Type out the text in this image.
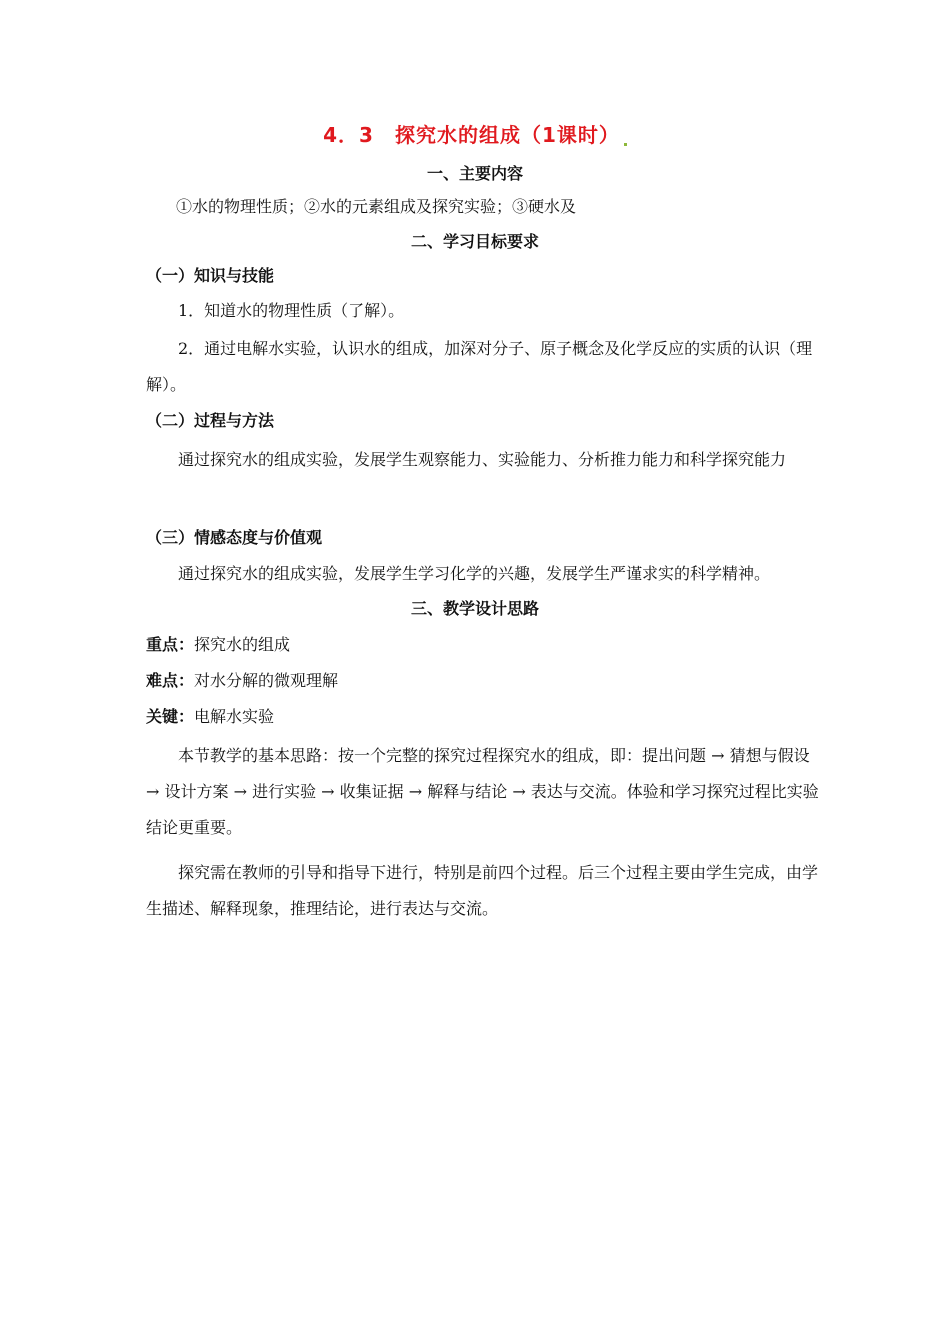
4．3　探究水的组成（1课时）
一、主要内容
①水的物理性质；②水的元素组成及探究实验；③硬水及
二、学习目标要求
（一）知识与技能
1．知道水的物理性质（了解）。
2．通过电解水实验，认识水的组成，加深对分子、原子概念及化学反应的实质的认识（理解）。
（二）过程与方法
通过探究水的组成实验，发展学生观察能力、实验能力、分析推力能力和科学探究能力
（三）情感态度与价值观
通过探究水的组成实验，发展学生学习化学的兴趣，发展学生严谨求实的科学精神。
三、教学设计思路
重点：探究水的组成
难点：对水分解的微观理解
关键：电解水实验
本节教学的基本思路：按一个完整的探究过程探究水的组成，即：提出问题 → 猜想与假设 → 设计方案 → 进行实验 → 收集证据 → 解释与结论 → 表达与交流。体验和学习探究过程比实验结论更重要。
探究需在教师的引导和指导下进行，特别是前四个过程。后三个过程主要由学生完成，由学生描述、解释现象，推理结论，进行表达与交流。
